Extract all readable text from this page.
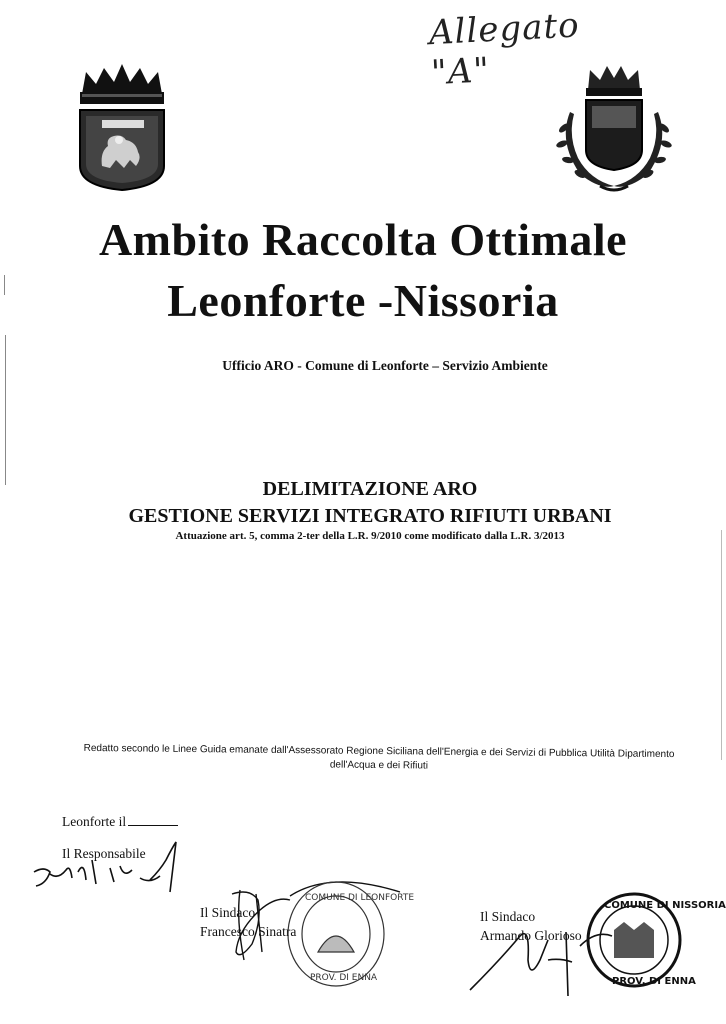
Allegato "A"
Ambito Raccolta Ottimale
Leonforte -Nissoria
Ufficio ARO - Comune di Leonforte – Servizio Ambiente
DELIMITAZIONE ARO
GESTIONE SERVIZI INTEGRATO RIFIUTI URBANI
Attuazione art. 5, comma 2-ter della L.R. 9/2010 come modificato dalla L.R. 3/2013
Redatto secondo le Linee Guida emanate dall'Assessorato Regione Siciliana dell'Energia e dei Servizi di Pubblica Utilità Dipartimento
dell'Acqua e dei Rifiuti
Leonforte il
Il Responsabile
Il Sindaco
Francesco Sinatra
Il Sindaco
Armando Glorioso
COMUNE DI LEONFORTE
PROV. DI ENNA
COMUNE DI NISSORIA
PROV. DI ENNA
